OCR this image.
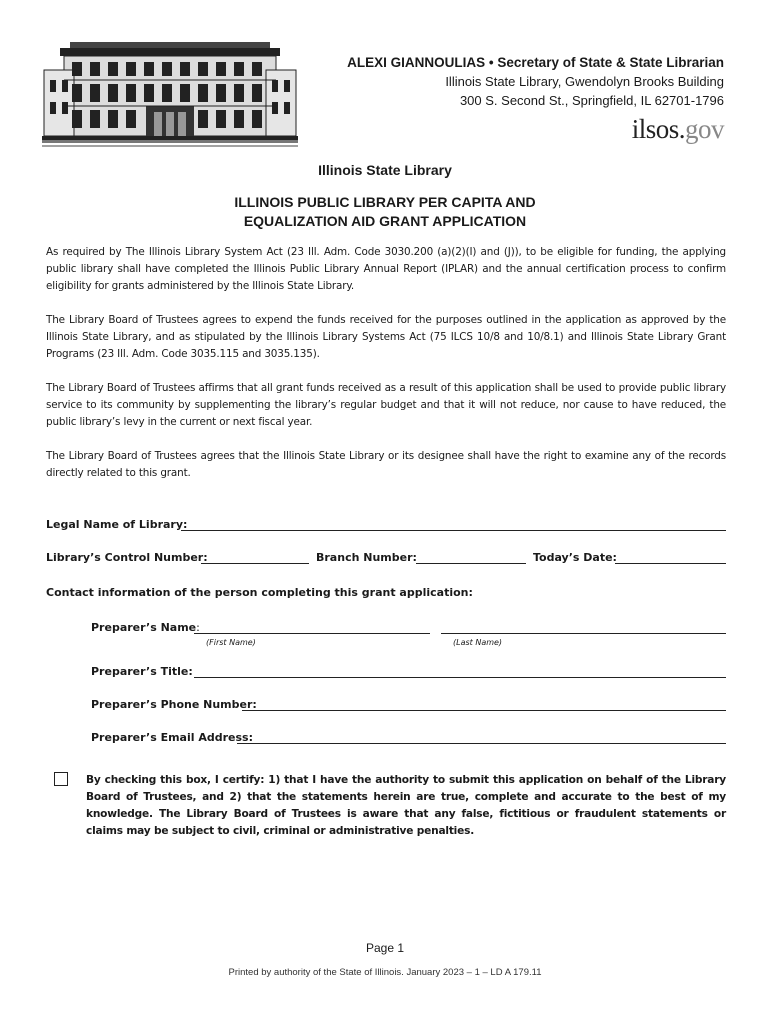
ALEXI GIANNOULIAS • Secretary of State & State Librarian
Illinois State Library, Gwendolyn Brooks Building
300 S. Second St., Springfield, IL 62701-1796
ilsos.gov
Illinois State Library
ILLINOIS PUBLIC LIBRARY PER CAPITA AND
EQUALIZATION AID GRANT APPLICATION
As required by The Illinois Library System Act (23 Ill. Adm. Code 3030.200 (a)(2)(I) and (J)), to be eligible for funding, the applying public library shall have completed the Illinois Public Library Annual Report (IPLAR) and the annual certification process to confirm eligibility for grants administered by the Illinois State Library.
The Library Board of Trustees agrees to expend the funds received for the purposes outlined in the application as approved by the Illinois State Library, and as stipulated by the Illinois Library Systems Act (75 ILCS 10/8 and 10/8.1) and Illinois State Library Grant Programs (23 Ill. Adm. Code 3035.115 and 3035.135).
The Library Board of Trustees affirms that all grant funds received as a result of this application shall be used to provide public library service to its community by supplementing the library’s regular budget and that it will not reduce, nor cause to have reduced, the public library’s levy in the current or next fiscal year.
The Library Board of Trustees agrees that the Illinois State Library or its designee shall have the right to examine any of the records directly related to this grant.
Legal Name of Library:
Library’s Control Number:	Branch Number:	Today’s Date:
Contact information of the person completing this grant application:
Preparer’s Name:
(First Name)	(Last Name)
Preparer’s Title:
Preparer’s Phone Number:
Preparer’s Email Address:
By checking this box, I certify: 1) that I have the authority to submit this application on behalf of the Library Board of Trustees, and 2) that the statements herein are true, complete and accurate to the best of my knowledge. The Library Board of Trustees is aware that any false, fictitious or fraudulent statements or claims may be subject to civil, criminal or administrative penalties.
Page 1
Printed by authority of the State of Illinois. January 2023 – 1 – LD A 179.11
